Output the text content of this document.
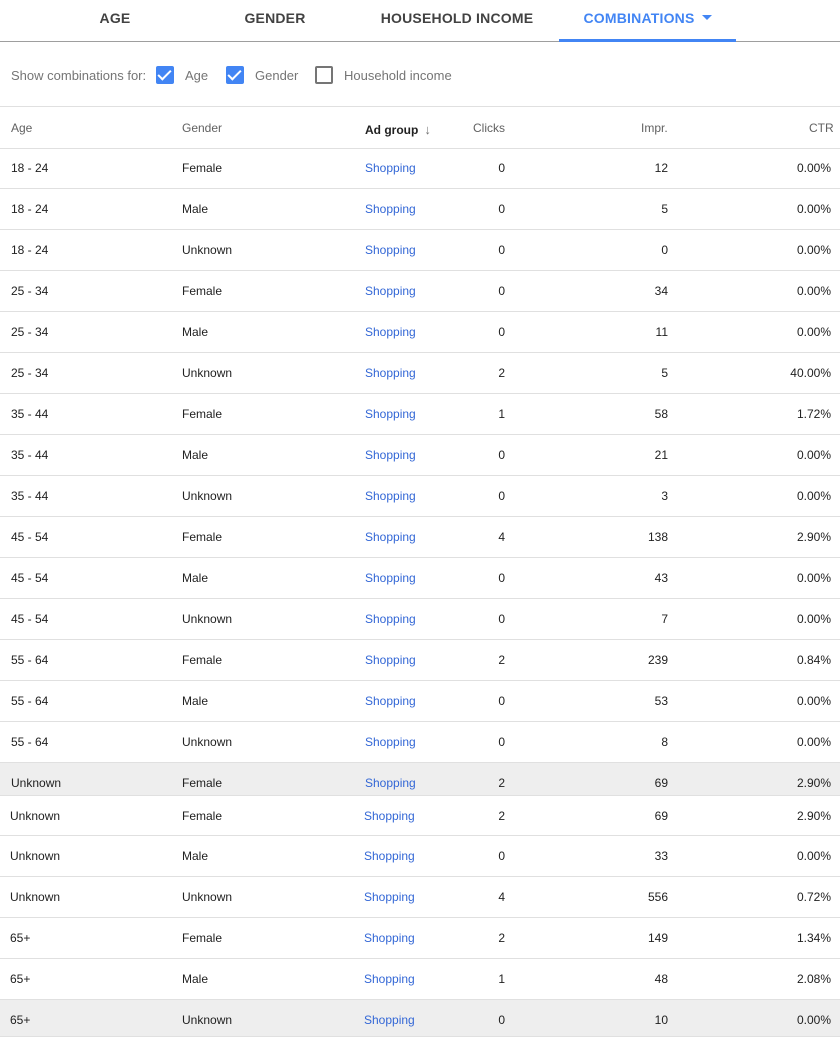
AGE	GENDER	HOUSEHOLD INCOME	COMBINATIONS
Show combinations for:	Age	Gender	Household income
Age	Gender	Ad group ↓	Clicks	Impr.	CTR
18 - 24	Female	Shopping	0	12	0.00%
18 - 24	Male	Shopping	0	5	0.00%
18 - 24	Unknown	Shopping	0	0	0.00%
25 - 34	Female	Shopping	0	34	0.00%
25 - 34	Male	Shopping	0	11	0.00%
25 - 34	Unknown	Shopping	2	5	40.00%
35 - 44	Female	Shopping	1	58	1.72%
35 - 44	Male	Shopping	0	21	0.00%
35 - 44	Unknown	Shopping	0	3	0.00%
45 - 54	Female	Shopping	4	138	2.90%
45 - 54	Male	Shopping	0	43	0.00%
45 - 54	Unknown	Shopping	0	7	0.00%
55 - 64	Female	Shopping	2	239	0.84%
55 - 64	Male	Shopping	0	53	0.00%
55 - 64	Unknown	Shopping	0	8	0.00%
Unknown	Female	Shopping	2	69	2.90%
Unknown	Female	Shopping	2	69	2.90%
Unknown	Male	Shopping	0	33	0.00%
Unknown	Unknown	Shopping	4	556	0.72%
65+	Female	Shopping	2	149	1.34%
65+	Male	Shopping	1	48	2.08%
65+	Unknown	Shopping	0	10	0.00%
